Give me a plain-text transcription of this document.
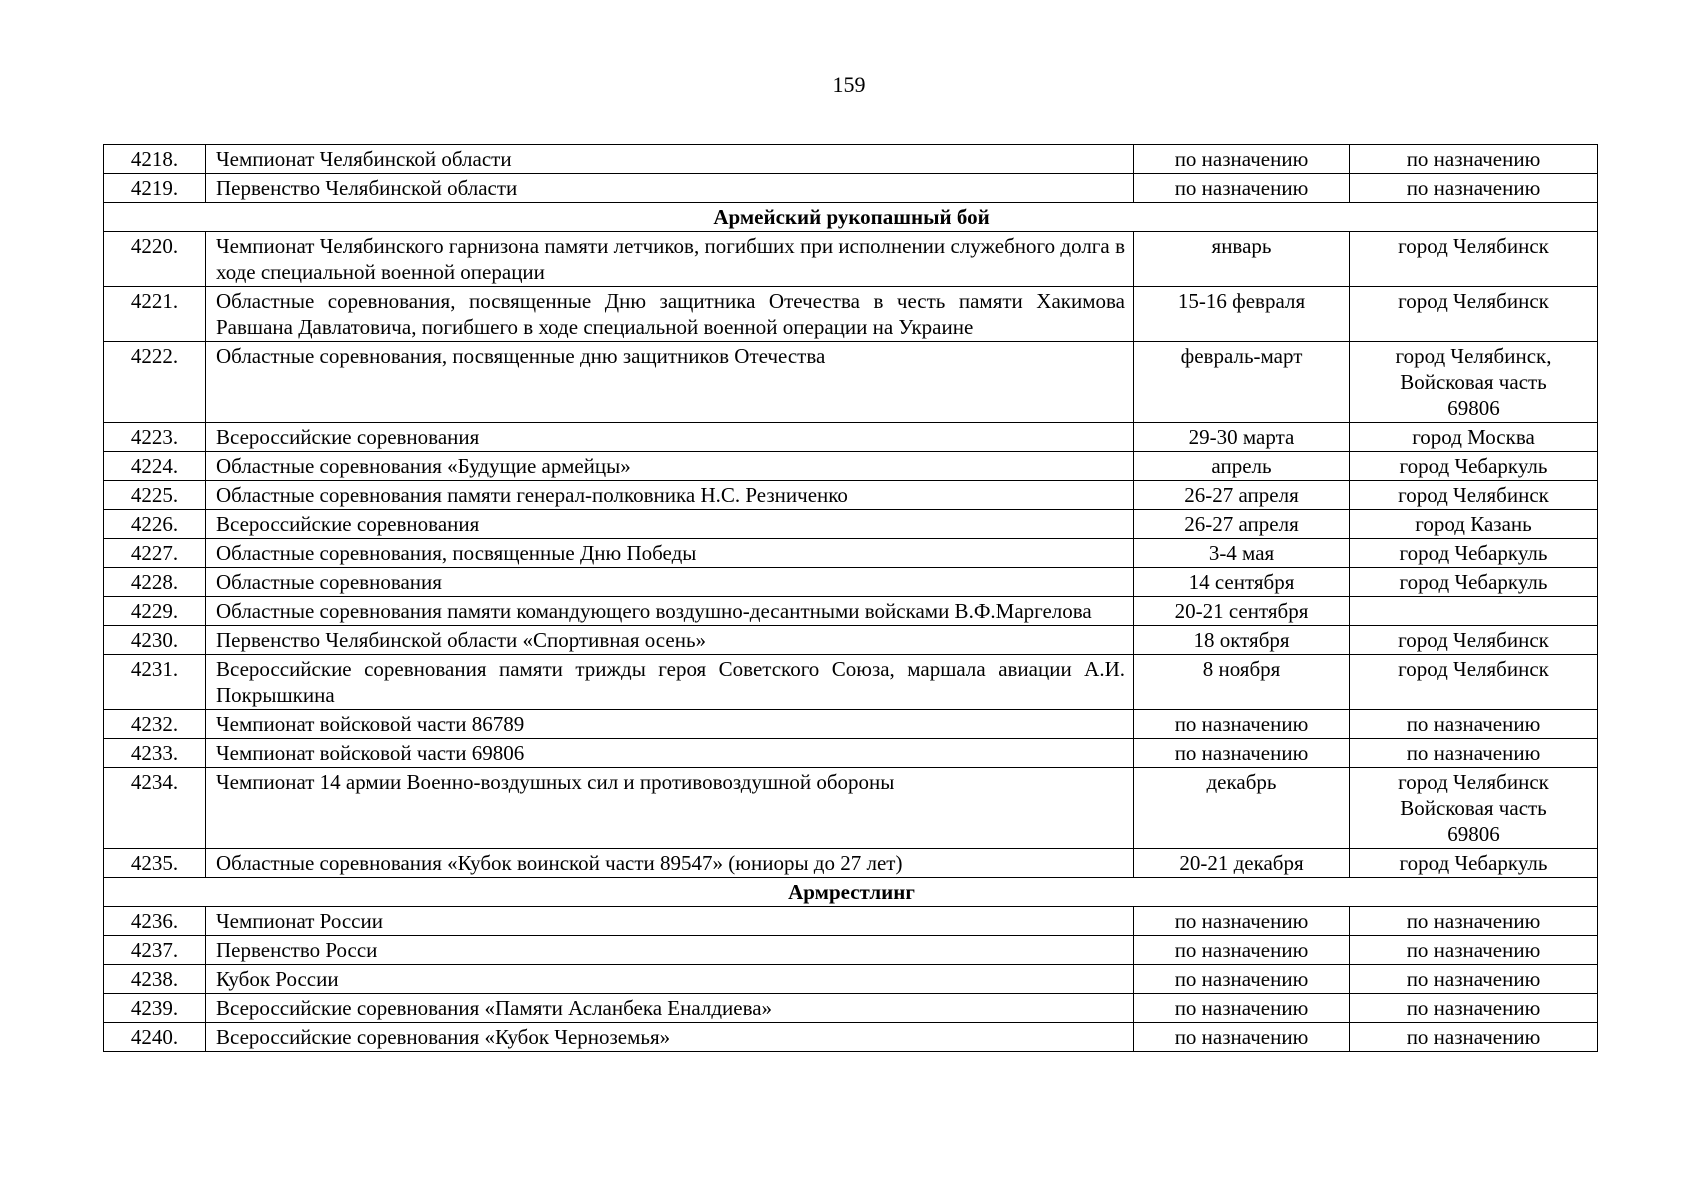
159
4218.	Чемпионат Челябинской области	по назначению	по назначению

4219.	Первенство Челябинской области	по назначению	по назначению

Армейский рукопашный бой			
4220.	Чемпионат Челябинского гарнизона памяти летчиков, погибших при исполнении служебного долга в ходе специальной военной операции	январь	город Челябинск

4221.	Областные соревнования, посвященные Дню защитника Отечества в честь памяти Хакимова Равшана Давлатовича, погибшего в ходе специальной военной операции на Украине	15-16 февраля	город Челябинск

4222.	Областные соревнования, посвященные дню защитников Отечества	февраль-март	город Челябинск,
Войсковая часть
69806

4223.	Всероссийские соревнования	29-30 марта	город Москва

4224.	Областные соревнования «Будущие армейцы»	апрель	город Чебаркуль

4225.	Областные соревнования памяти генерал-полковника Н.С. Резниченко	26-27 апреля	город Челябинск

4226.	Всероссийские соревнования	26-27 апреля	город Казань

4227.	Областные соревнования, посвященные Дню Победы	3-4 мая	город Чебаркуль

4228.	Областные соревнования	14 сентября	город Чебаркуль

4229.	Областные соревнования памяти командующего воздушно-десантными войсками В.Ф.Маргелова	20-21 сентября	

4230.	Первенство Челябинской области «Спортивная осень»	18 октября	город Челябинск

4231.	Всероссийские соревнования памяти трижды героя Советского Союза, маршала авиации А.И. Покрышкина	8 ноября	город Челябинск

4232.	Чемпионат войсковой части 86789	по назначению	по назначению

4233.	Чемпионат войсковой части 69806	по назначению	по назначению

4234.	Чемпионат 14 армии Военно-воздушных сил и противовоздушной обороны	декабрь	город Челябинск
Войсковая часть
69806

4235.	Областные соревнования «Кубок воинской части 89547» (юниоры до 27 лет)	20-21 декабря	город Чебаркуль

Армрестлинг			
4236.	Чемпионат России	по назначению	по назначению

4237.	Первенство Росси	по назначению	по назначению

4238.	Кубок России	по назначению	по назначению

4239.	Всероссийские соревнования «Памяти Асланбека Еналдиева»	по назначению	по назначению

4240.	Всероссийские соревнования «Кубок Черноземья»	по назначению	по назначению
